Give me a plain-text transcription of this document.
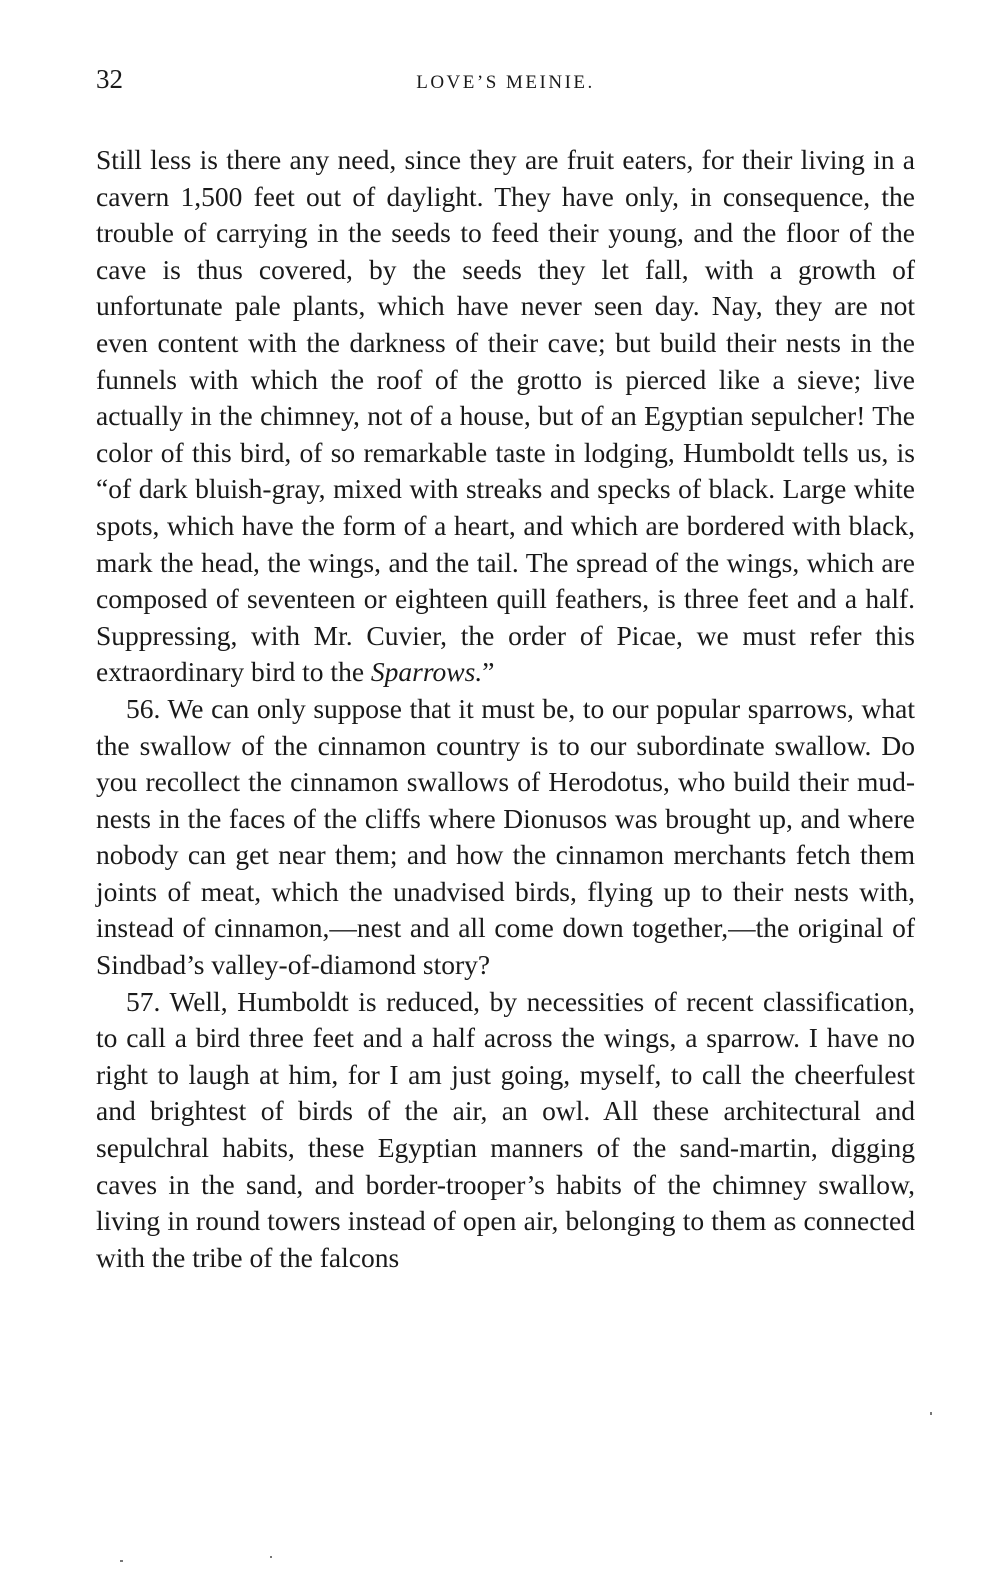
32	LOVE’S MEINIE.

Still less is there any need, since they are fruit eaters, for their living in a cavern 1,500 feet out of daylight. They have only, in consequence, the trouble of carrying in the seeds to feed their young, and the floor of the cave is thus covered, by the seeds they let fall, with a growth of unfortunate pale plants, which have never seen day. Nay, they are not even content with the darkness of their cave; but build their nests in the funnels with which the roof of the grotto is pierced like a sieve; live actually in the chimney, not of a house, but of an Egyptian sepulcher! The color of this bird, of so remarkable taste in lodging, Humboldt tells us, is “of dark bluish-gray, mixed with streaks and specks of black. Large white spots, which have the form of a heart, and which are bordered with black, mark the head, the wings, and the tail. The spread of the wings, which are composed of seventeen or eighteen quill feathers, is three feet and a half. Suppressing, with Mr. Cuvier, the order of Picae, we must refer this extraordinary bird to the Sparrows.”

56. We can only suppose that it must be, to our popular sparrows, what the swallow of the cinnamon country is to our subordinate swallow. Do you recollect the cinnamon swallows of Herodotus, who build their mud-nests in the faces of the cliffs where Dionusos was brought up, and where nobody can get near them; and how the cinnamon merchants fetch them joints of meat, which the unadvised birds, flying up to their nests with, instead of cinnamon,—nest and all come down together,—the original of Sindbad’s valley-of-diamond story?

57. Well, Humboldt is reduced, by necessities of recent classification, to call a bird three feet and a half across the wings, a sparrow. I have no right to laugh at him, for I am just going, myself, to call the cheerfulest and brightest of birds of the air, an owl. All these architectural and sepulchral habits, these Egyptian manners of the sand-martin, digging caves in the sand, and border-trooper’s habits of the chimney swallow, living in round towers instead of open air, belonging to them as connected with the tribe of the falcons
